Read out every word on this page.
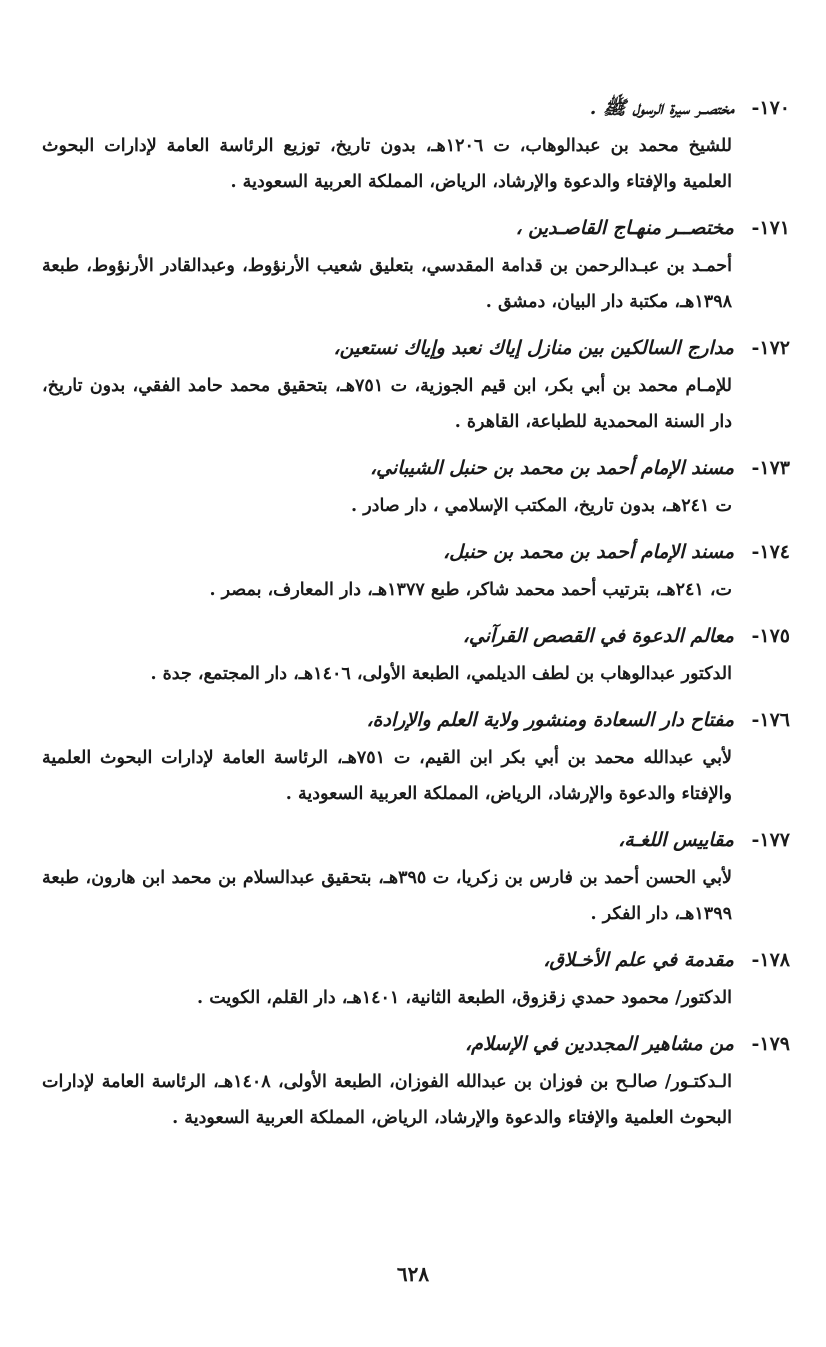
١٧٠-
مختصــر سيرة الرسول ﷺ .
للشيخ محمد بن عبدالوهاب، ت ١٢٠٦هـ، بدون تاريخ، توزيع الرئاسة العامة لإدارات البحوث العلمية والإفتاء والدعوة والإرشاد، الرياض، المملكة العربية السعودية .
١٧١-
مختصــر منهـاج القاصـدين ،
أحمـد بن عبـدالرحمن بن قدامة المقدسي، بتعليق شعيب الأرنؤوط، وعبدالقادر الأرنؤوط، طبعة ١٣٩٨هـ، مكتبة دار البيان، دمشق .
١٧٢-
مدارج السالكين بين منازل إياك نعبد وإياك نستعين،
للإمـام محمد بن أبي بكر، ابن قيم الجوزية، ت ٧٥١هـ، بتحقيق محمد حامد الفقي، بدون تاريخ، دار السنة المحمدية للطباعة، القاهرة .
١٧٣-
مسند الإمام أحمد بن محمد بن حنبل الشيباني،
ت ٢٤١هـ، بدون تاريخ، المكتب الإسلامي ، دار صادر .
١٧٤-
مسند الإمام أحمد بن محمد بن حنبل،
ت، ٢٤١هـ، بترتيب أحمد محمد شاكر، طبع ١٣٧٧هـ، دار المعارف، بمصر .
١٧٥-
معالم الدعوة في القصص القرآني،
الدكتور عبدالوهاب بن لطف الديلمي، الطبعة الأولى، ١٤٠٦هـ، دار المجتمع، جدة .
١٧٦-
مفتاح دار السعادة ومنشور ولاية العلم والإرادة،
لأبي عبدالله محمد بن أبي بكر ابن القيم، ت ٧٥١هـ، الرئاسة العامة لإدارات البحوث العلمية والإفتاء والدعوة والإرشاد، الرياض، المملكة العربية السعودية .
١٧٧-
مقاييس اللغـة،
لأبي الحسن أحمد بن فارس بن زكريا، ت ٣٩٥هـ، بتحقيق عبدالسلام بن محمد ابن هارون، طبعة ١٣٩٩هـ، دار الفكر .
١٧٨-
مقدمة في علم الأخـلاق،
الدكتور/ محمود حمدي زقزوق، الطبعة الثانية، ١٤٠١هـ، دار القلم، الكويت .
١٧٩-
من مشاهير المجددين في الإسلام،
الـدكتـور/ صالـح بن فوزان بن عبدالله الفوزان، الطبعة الأولى، ١٤٠٨هـ، الرئاسة العامة لإدارات البحوث العلمية والإفتاء والدعوة والإرشاد، الرياض، المملكة العربية السعودية .
٦٢٨
